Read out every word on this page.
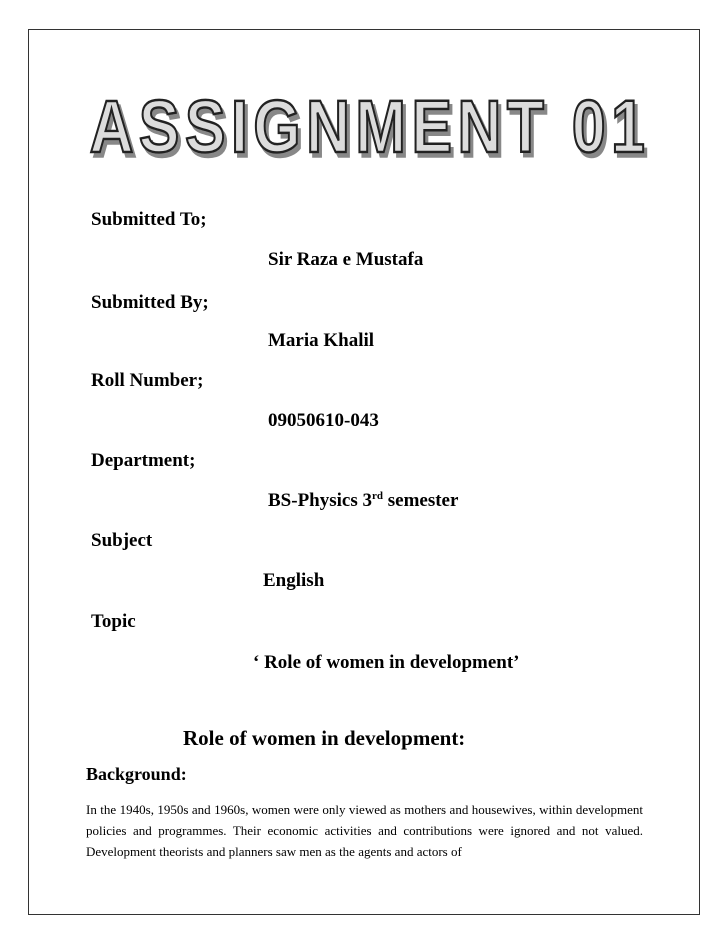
ASSIGNMENT 01
Submitted To;
Sir Raza e Mustafa
Submitted By;
Maria Khalil
Roll Number;
09050610-043
Department;
BS-Physics 3rd semester
Subject
English
Topic
‘ Role of women in development’
Role of women in development:
Background:
In the 1940s, 1950s and 1960s, women were only viewed as mothers and housewives, within development policies and programmes. Their economic activities and contributions were ignored and not valued. Development theorists and planners saw men as the agents and actors of
